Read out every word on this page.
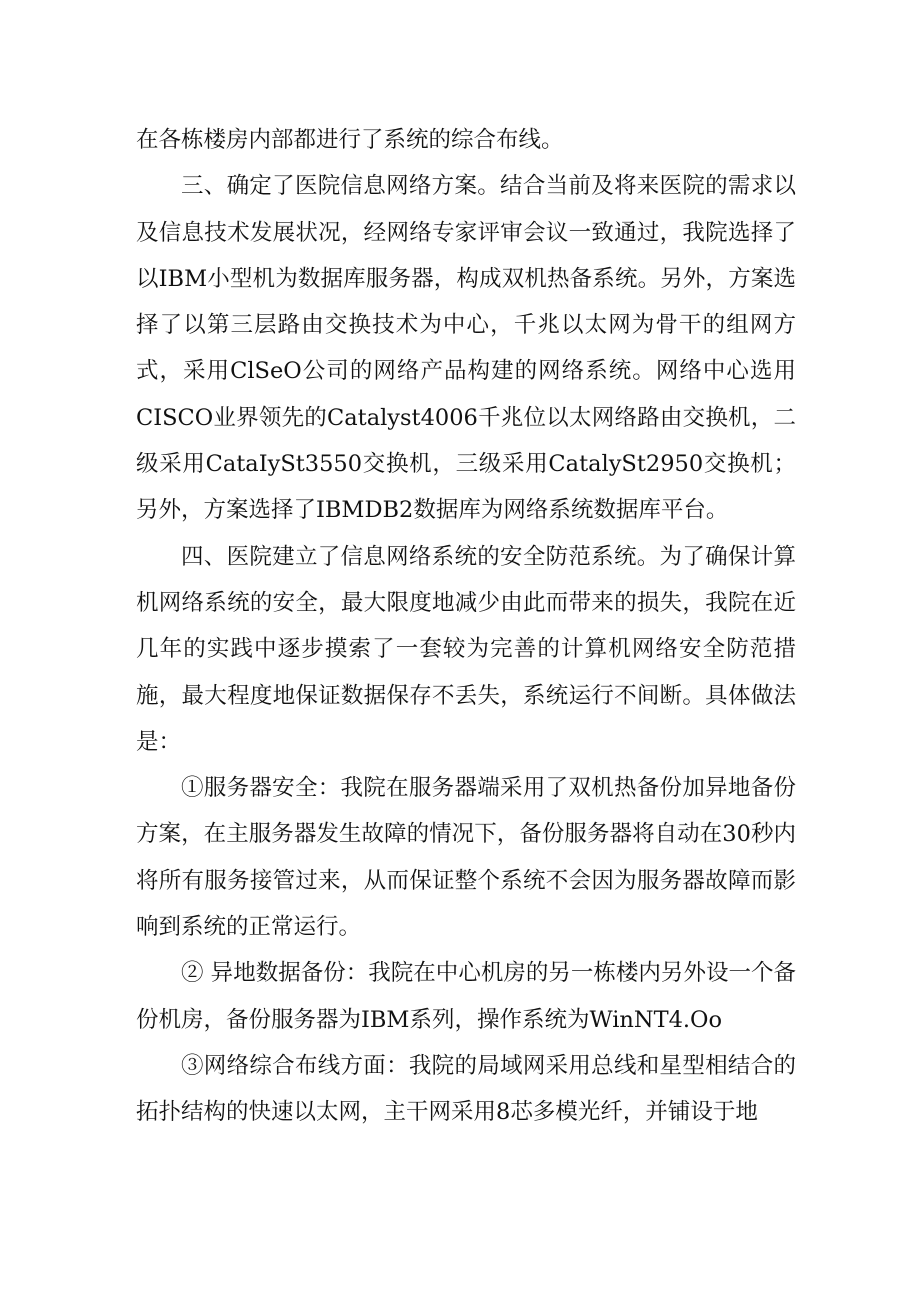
在各栋楼房内部都进行了系统的综合布线。

三、确定了医院信息网络方案。结合当前及将来医院的需求以及信息技术发展状况，经网络专家评审会议一致通过，我院选择了以IBM小型机为数据库服务器，构成双机热备系统。另外，方案选择了以第三层路由交换技术为中心，千兆以太网为骨干的组网方式，采用ClSeO公司的网络产品构建的网络系统。网络中心选用CISCO业界领先的Catalyst4006千兆位以太网络路由交换机，二级采用CataIySt3550交换机，三级采用CatalySt2950交换机；另外，方案选择了IBMDB2数据库为网络系统数据库平台。

四、医院建立了信息网络系统的安全防范系统。为了确保计算机网络系统的安全，最大限度地减少由此而带来的损失，我院在近几年的实践中逐步摸索了一套较为完善的计算机网络安全防范措施，最大程度地保证数据保存不丢失，系统运行不间断。具体做法是：

①服务器安全：我院在服务器端采用了双机热备份加异地备份方案，在主服务器发生故障的情况下，备份服务器将自动在30秒内将所有服务接管过来，从而保证整个系统不会因为服务器故障而影响到系统的正常运行。

② 异地数据备份：我院在中心机房的另一栋楼内另外设一个备份机房，备份服务器为IBM系列，操作系统为WinNT4.Oo

③网络综合布线方面：我院的局域网采用总线和星型相结合的拓扑结构的快速以太网，主干网采用8芯多模光纤，并铺设于地
